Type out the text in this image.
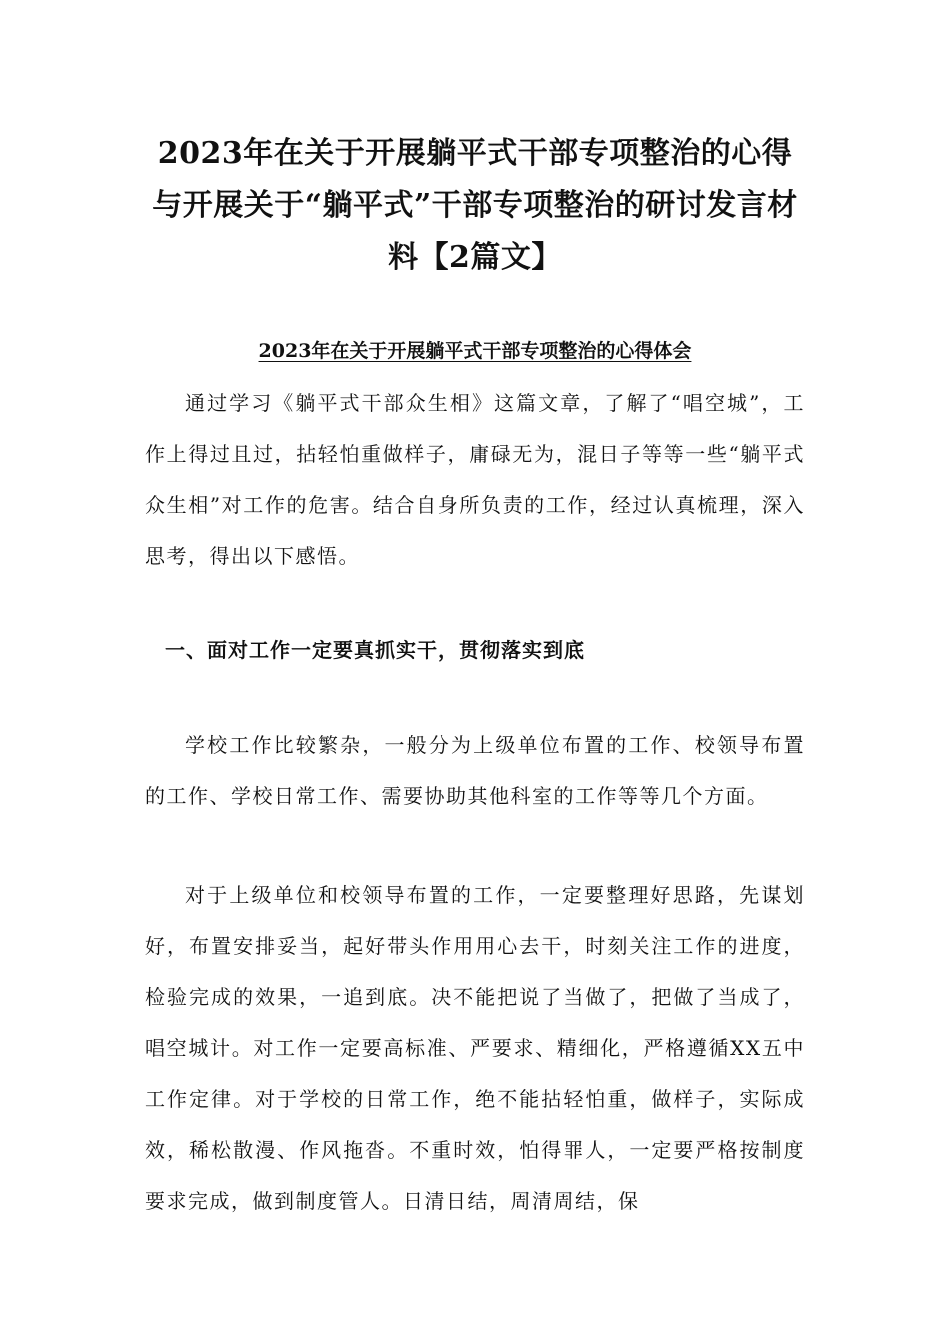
2023年在关于开展躺平式干部专项整治的心得与开展关于“躺平式”干部专项整治的研讨发言材料【2篇文】
2023年在关于开展躺平式干部专项整治的心得体会

通过学习《躺平式干部众生相》这篇文章，了解了“唱空城”，工作上得过且过，拈轻怕重做样子，庸碌无为，混日子等等一些“躺平式众生相”对工作的危害。结合自身所负责的工作，经过认真梳理，深入思考，得出以下感悟。

一、面对工作一定要真抓实干，贯彻落实到底

学校工作比较繁杂，一般分为上级单位布置的工作、校领导布置的工作、学校日常工作、需要协助其他科室的工作等等几个方面。

对于上级单位和校领导布置的工作，一定要整理好思路，先谋划好，布置安排妥当，起好带头作用用心去干，时刻关注工作的进度，检验完成的效果，一追到底。决不能把说了当做了，把做了当成了，唱空城计。对工作一定要高标准、严要求、精细化，严格遵循XX五中工作定律。对于学校的日常工作，绝不能拈轻怕重，做样子，实际成效，稀松散漫、作风拖沓。不重时效，怕得罪人，一定要严格按制度要求完成，做到制度管人。日清日结，周清周结，保
